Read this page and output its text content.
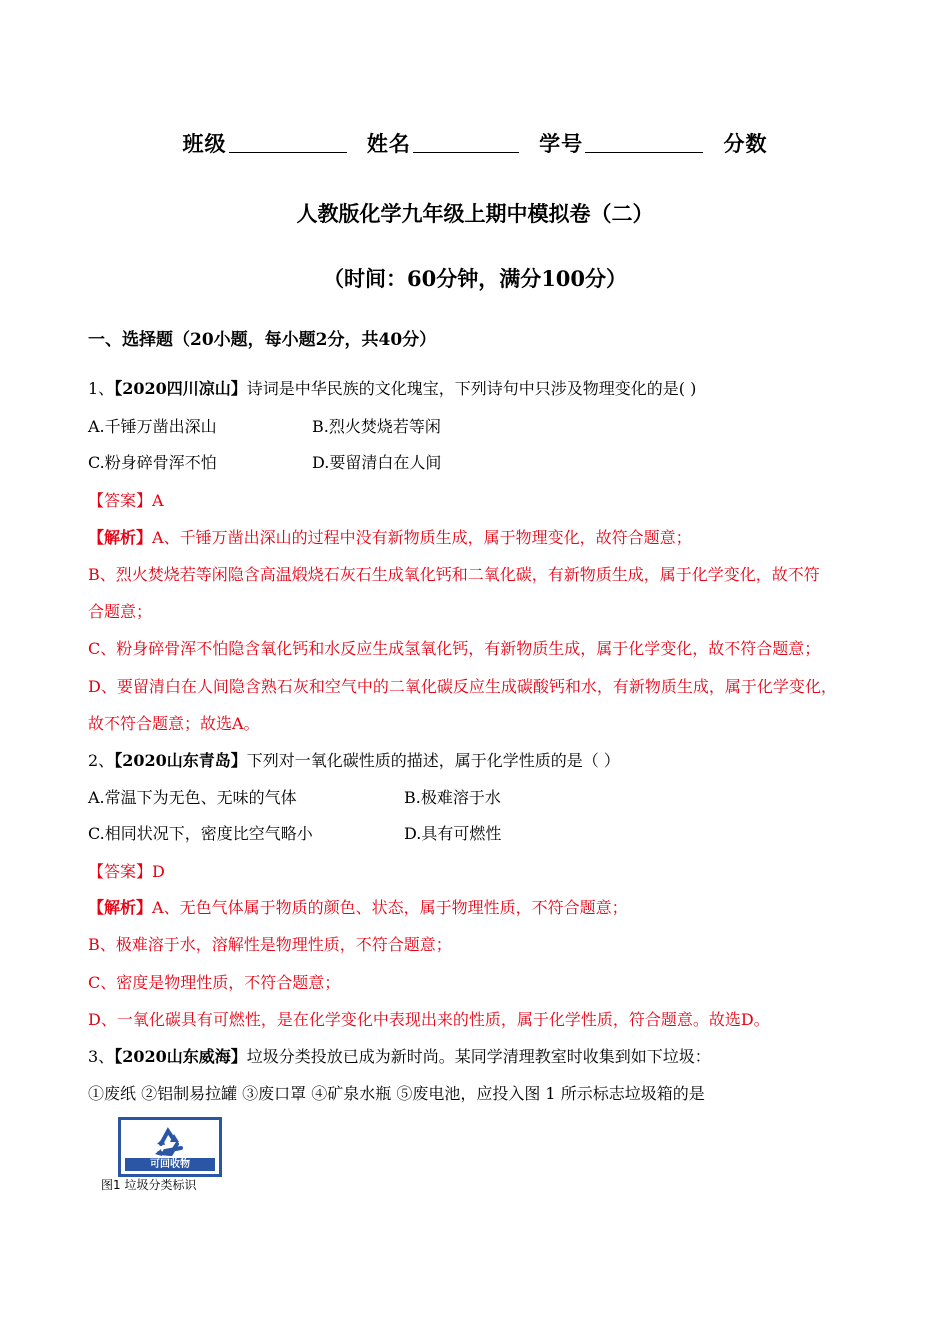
班级	姓名	学号	分数
人教版化学九年级上期中模拟卷（二）
（时间：60分钟，满分100分）
一、选择题（20小题，每小题2分，共40分）
1、【2020四川凉山】诗词是中华民族的文化瑰宝，下列诗句中只涉及物理变化的是( )
A.千锤万凿出深山	B.烈火焚烧若等闲
C.粉身碎骨浑不怕	D.要留清白在人间
【答案】A
【解析】A、千锤万凿出深山的过程中没有新物质生成，属于物理变化，故符合题意；
B、烈火焚烧若等闲隐含高温煅烧石灰石生成氧化钙和二氧化碳，有新物质生成，属于化学变化，故不符
合题意；
C、粉身碎骨浑不怕隐含氧化钙和水反应生成氢氧化钙，有新物质生成，属于化学变化，故不符合题意；
D、要留清白在人间隐含熟石灰和空气中的二氧化碳反应生成碳酸钙和水，有新物质生成，属于化学变化，
故不符合题意；故选A。
2、【2020山东青岛】下列对一氧化碳性质的描述，属于化学性质的是（ ）
A.常温下为无色、无味的气体	B.极难溶于水
C.相同状况下，密度比空气略小	D.具有可燃性
【答案】D
【解析】A、无色气体属于物质的颜色、状态，属于物理性质，不符合题意；
B、极难溶于水，溶解性是物理性质，不符合题意；
C、密度是物理性质，不符合题意；
D、一氧化碳具有可燃性，是在化学变化中表现出来的性质，属于化学性质，符合题意。故选D。
3、【2020山东威海】垃圾分类投放已成为新时尚。某同学清理教室时收集到如下垃圾：
①废纸 ②铝制易拉罐 ③废口罩 ④矿泉水瓶 ⑤废电池，应投入图 1 所示标志垃圾箱的是
可回收物
图1 垃圾分类标识
